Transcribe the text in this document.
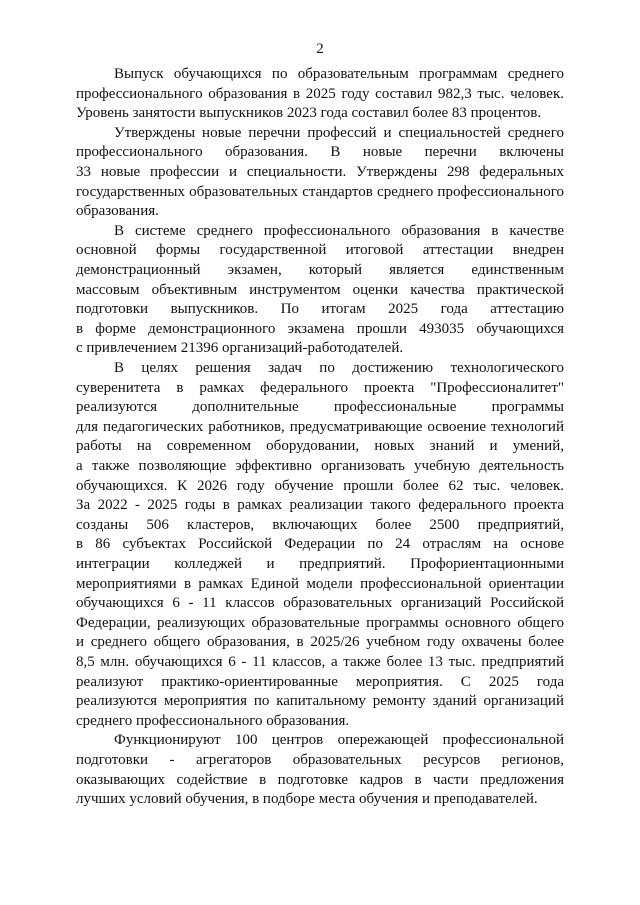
2
Выпуск обучающихся по образовательным программам среднего
профессионального образования в 2025 году составил 982,3 тыс. человек.
Уровень занятости выпускников 2023 года составил более 83 процентов.
Утверждены новые перечни профессий и специальностей среднего
профессионального образования. В новые перечни включены
33 новые профессии и специальности. Утверждены 298 федеральных
государственных образовательных стандартов среднего профессионального
образования.
В системе среднего профессионального образования в качестве
основной формы государственной итоговой аттестации внедрен
демонстрационный экзамен, который является единственным
массовым объективным инструментом оценки качества практической
подготовки выпускников. По итогам 2025 года аттестацию
в форме демонстрационного экзамена прошли 493035 обучающихся
с привлечением 21396 организаций-работодателей.
В целях решения задач по достижению технологического
суверенитета в рамках федерального проекта "Профессионалитет"
реализуются дополнительные профессиональные программы
для педагогических работников, предусматривающие освоение технологий
работы на современном оборудовании, новых знаний и умений,
а также позволяющие эффективно организовать учебную деятельность
обучающихся. К 2026 году обучение прошли более 62 тыс. человек.
За 2022 - 2025 годы в рамках реализации такого федерального проекта
созданы 506 кластеров, включающих более 2500 предприятий,
в 86 субъектах Российской Федерации по 24 отраслям на основе
интеграции колледжей и предприятий. Профориентационными
мероприятиями в рамках Единой модели профессиональной ориентации
обучающихся 6 - 11 классов образовательных организаций Российской
Федерации, реализующих образовательные программы основного общего
и среднего общего образования, в 2025/26 учебном году охвачены более
8,5 млн. обучающихся 6 - 11 классов, а также более 13 тыс. предприятий
реализуют практико-ориентированные мероприятия. С 2025 года
реализуются мероприятия по капитальному ремонту зданий организаций
среднего профессионального образования.
Функционируют 100 центров опережающей профессиональной
подготовки - агрегаторов образовательных ресурсов регионов,
оказывающих содействие в подготовке кадров в части предложения
лучших условий обучения, в подборе места обучения и преподавателей.
